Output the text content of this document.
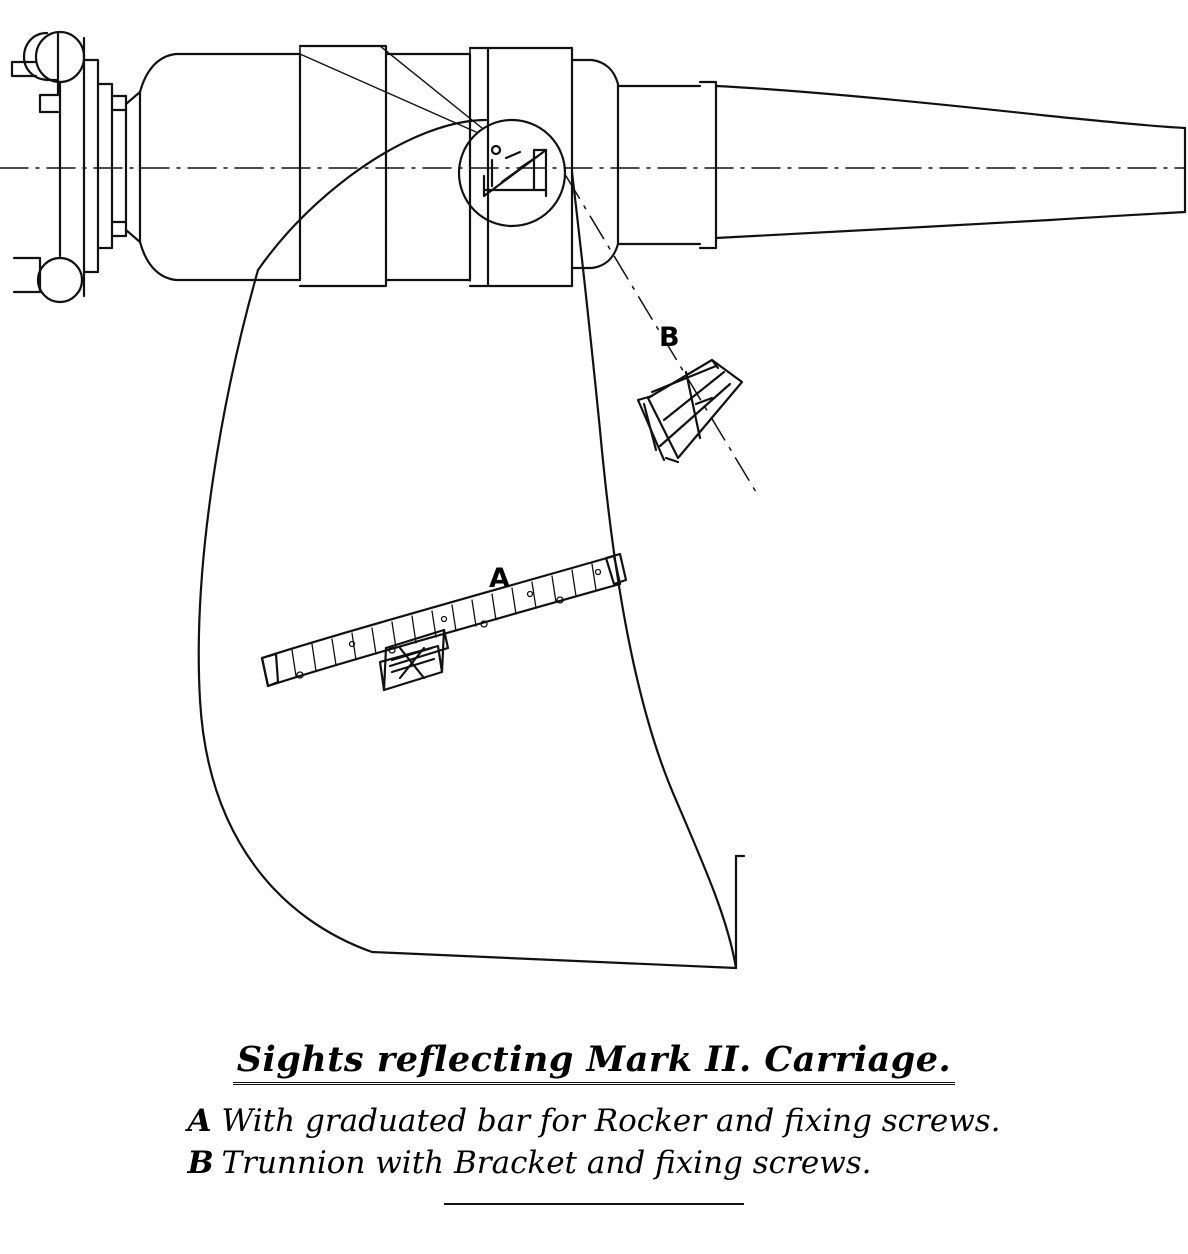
A
B
Sights reflecting Mark II. Carriage.
A With graduated bar for Rocker and fixing screws.
B Trunnion with Bracket and fixing screws.
